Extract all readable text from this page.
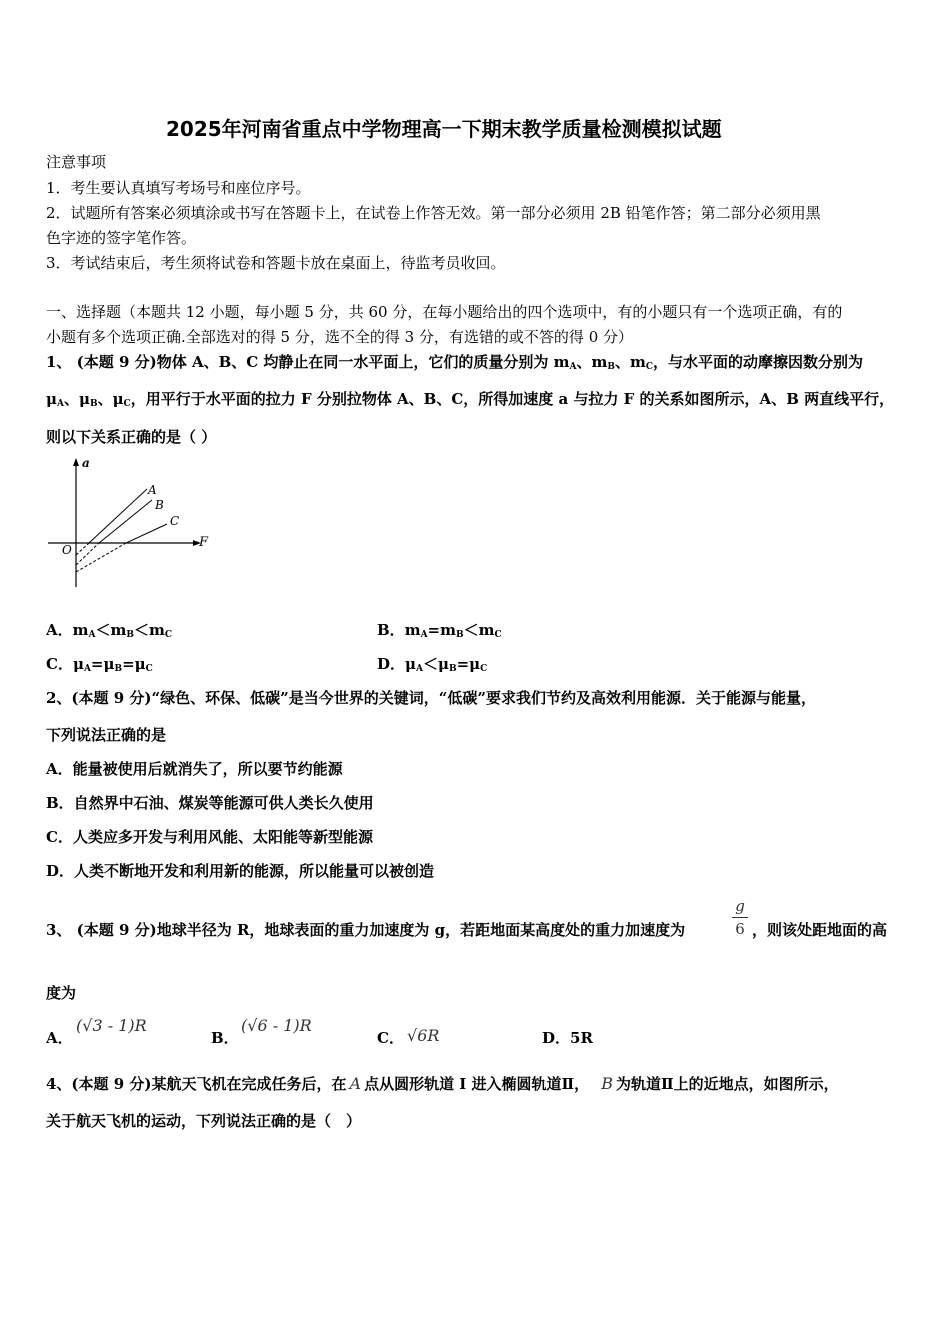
2025年河南省重点中学物理高一下期末教学质量检测模拟试题
注意事项
1．考生要认真填写考场号和座位序号。
2．试题所有答案必须填涂或书写在答题卡上，在试卷上作答无效。第一部分必须用 2B 铅笔作答；第二部分必须用黑
色字迹的签字笔作答。
3．考试结束后，考生须将试卷和答题卡放在桌面上，待监考员收回。
一、选择题（本题共 12 小题，每小题 5 分，共 60 分，在每小题给出的四个选项中，有的小题只有一个选项正确，有的
小题有多个选项正确.全部选对的得 5 分，选不全的得 3 分，有选错的或不答的得 0 分）
1、 (本题 9 分)物体 A、B、C 均静止在同一水平面上，它们的质量分别为 $m_A$、$m_B$、$m_C$，与水平面的动摩擦因数分别为
$\mu_A$、$\mu_B$、$\mu_C$，用平行于水平面的拉力 F 分别拉物体 A、B、C，所得加速度 a 与拉力 F 的关系如图所示，A、B 两直线平行，
则以下关系正确的是（ ）
a
F
O
A
B
C
A．$m_A<m_B<m_C$	B．$m_A=m_B<m_C$
C．$\mu_A=\mu_B=\mu_C$	D．$\mu_A<\mu_B=\mu_C$
2、(本题 9 分)“绿色、环保、低碳”是当今世界的关键词，“低碳”要求我们节约及高效利用能源．关于能源与能量，
下列说法正确的是
A．能量被使用后就消失了，所以要节约能源
B．自然界中石油、煤炭等能源可供人类长久使用
C．人类应多开发与利用风能、太阳能等新型能源
D．人类不断地开发和利用新的能源，所以能量可以被创造
3、 (本题 9 分)地球半径为 R，地球表面的重力加速度为 g，若距地面某高度处的重力加速度为
g
6 ，则该处距地面的高
度为
A．
(√3 - 1)R
B．
(√6 - 1)R
C． √6R	D．5R
4、(本题 9 分)某航天飞机在完成任务后，在 A 点从圆形轨道 I 进入椭圆轨道Ⅱ， B 为轨道Ⅱ上的近地点，如图所示，
关于航天飞机的运动，下列说法正确的是（　）
